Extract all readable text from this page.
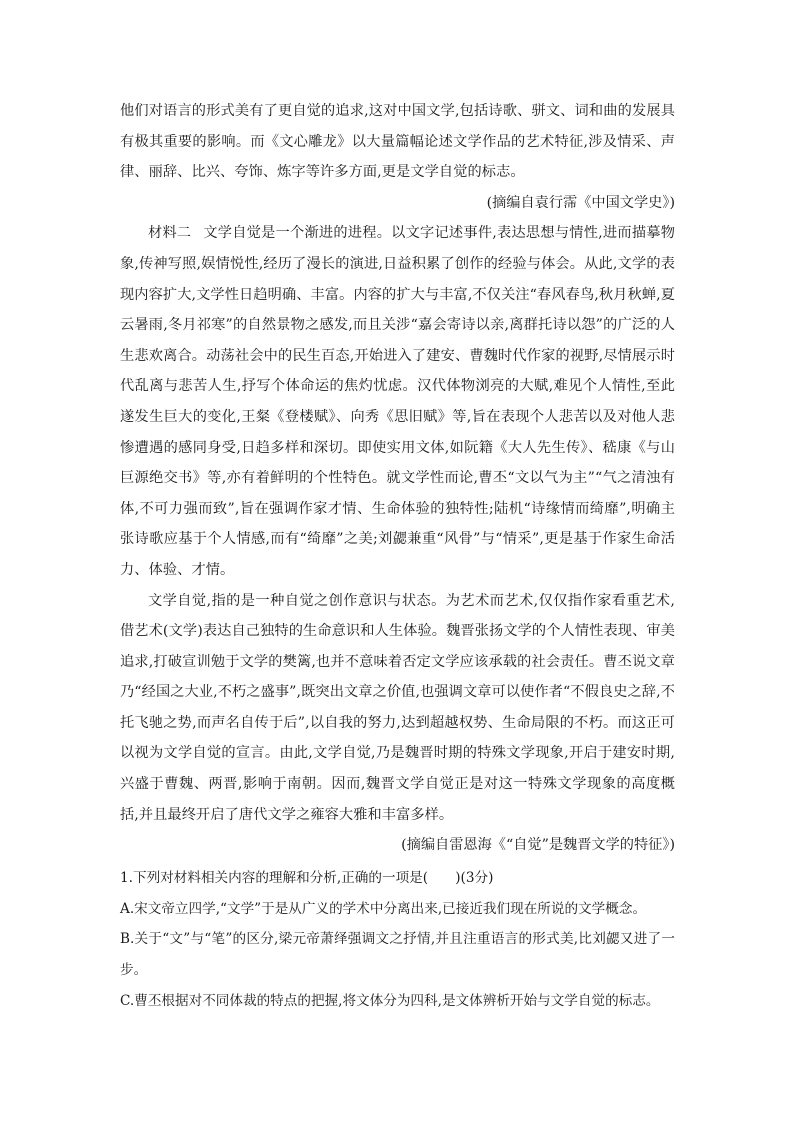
他们对语言的形式美有了更自觉的追求,这对中国文学,包括诗歌、骈文、词和曲的发展具有极其重要的影响。而《文心雕龙》以大量篇幅论述文学作品的艺术特征,涉及情采、声律、丽辞、比兴、夸饰、炼字等许多方面,更是文学自觉的标志。

(摘编自袁行霈《中国文学史》)

材料二 文学自觉是一个渐进的进程。以文字记述事件,表达思想与情性,进而描摹物象,传神写照,娱情悦性,经历了漫长的演进,日益积累了创作的经验与体会。从此,文学的表现内容扩大,文学性日趋明确、丰富。内容的扩大与丰富,不仅关注“春风春鸟,秋月秋蝉,夏云暑雨,冬月祁寒”的自然景物之感发,而且关涉“嘉会寄诗以亲,离群托诗以怨”的广泛的人生悲欢离合。动荡社会中的民生百态,开始进入了建安、曹魏时代作家的视野,尽情展示时代乱离与悲苦人生,抒写个体命运的焦灼忧虑。汉代体物浏亮的大赋,难见个人情性,至此遂发生巨大的变化,王粲《登楼赋》、向秀《思旧赋》等,旨在表现个人悲苦以及对他人悲惨遭遇的感同身受,日趋多样和深切。即使实用文体,如阮籍《大人先生传》、嵇康《与山巨源绝交书》等,亦有着鲜明的个性特色。就文学性而论,曹丕“文以气为主”“气之清浊有体,不可力强而致”,旨在强调作家才情、生命体验的独特性;陆机“诗缘情而绮靡”,明确主张诗歌应基于个人情感,而有“绮靡”之美;刘勰兼重“风骨”与“情采”,更是基于作家生命活力、体验、才情。

文学自觉,指的是一种自觉之创作意识与状态。为艺术而艺术,仅仅指作家看重艺术,借艺术(文学)表达自己独特的生命意识和人生体验。魏晋张扬文学的个人情性表现、审美追求,打破宣训勉于文学的樊篱,也并不意味着否定文学应该承载的社会责任。曹丕说文章乃“经国之大业,不朽之盛事”,既突出文章之价值,也强调文章可以使作者“不假良史之辞,不托飞驰之势,而声名自传于后”,以自我的努力,达到超越权势、生命局限的不朽。而这正可以视为文学自觉的宣言。由此,文学自觉,乃是魏晋时期的特殊文学现象,开启于建安时期,兴盛于曹魏、两晋,影响于南朝。因而,魏晋文学自觉正是对这一特殊文学现象的高度概括,并且最终开启了唐代文学之雍容大雅和丰富多样。

(摘编自雷恩海《“自觉”是魏晋文学的特征》)

1.下列对材料相关内容的理解和分析,正确的一项是(　　)(3分)

A.宋文帝立四学,“文学”于是从广义的学术中分离出来,已接近我们现在所说的文学概念。

B.关于“文”与“笔”的区分,梁元帝萧绎强调文之抒情,并且注重语言的形式美,比刘勰又进了一步。

C.曹丕根据对不同体裁的特点的把握,将文体分为四科,是文体辨析开始与文学自觉的标志。
